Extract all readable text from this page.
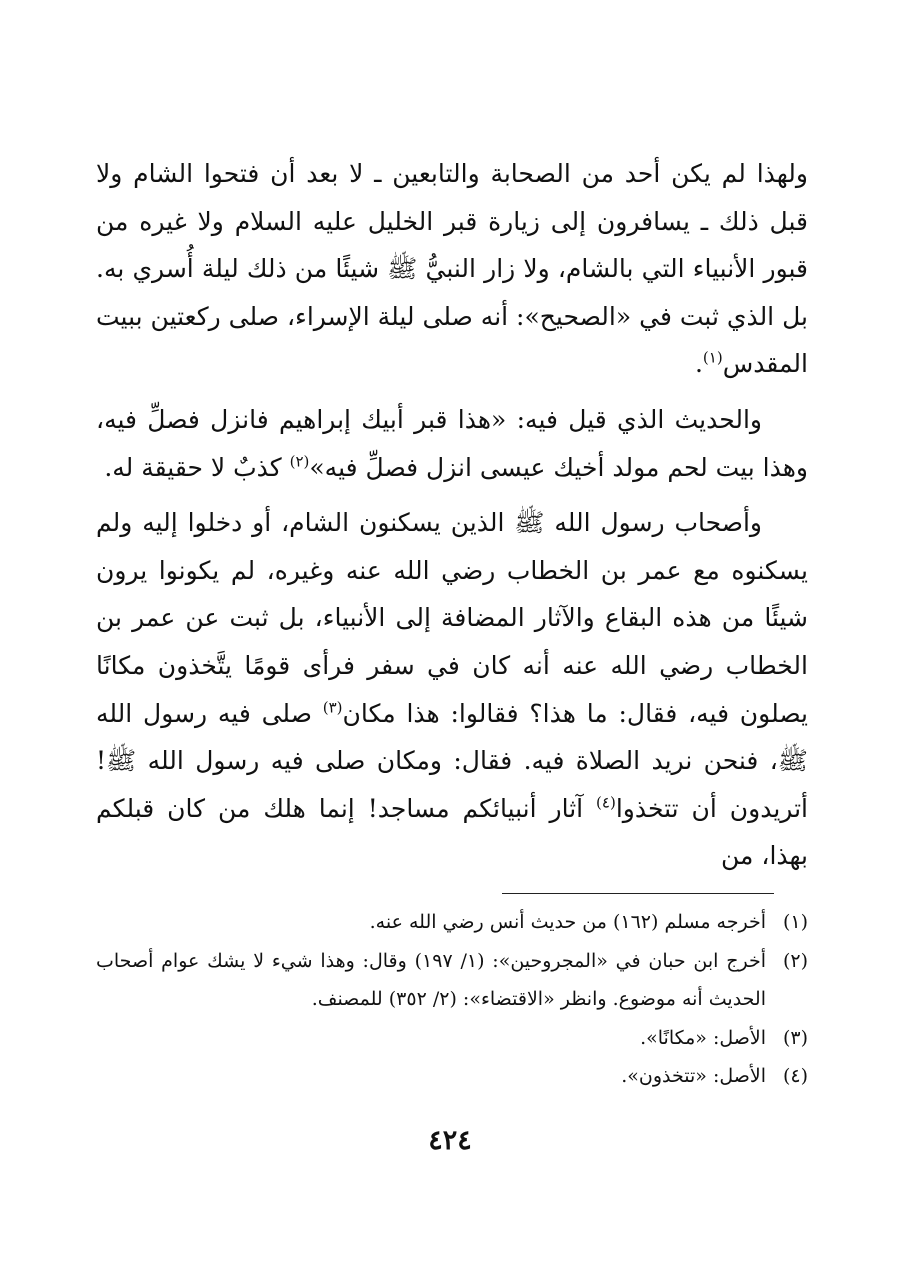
ولهذا لم يكن أحد من الصحابة والتابعين ـ لا بعد أن فتحوا الشام ولا قبل ذلك ـ يسافرون إلى زيارة قبر الخليل عليه السلام ولا غيره من قبور الأنبياء التي بالشام، ولا زار النبيُّ ﷺ شيئًا من ذلك ليلة أُسري به. بل الذي ثبت في «الصحيح»: أنه صلى ليلة الإسراء، صلى ركعتين ببيت المقدس$^{(١)}$.

والحديث الذي قيل فيه: «هذا قبر أبيك إبراهيم فانزل فصلِّ فيه، وهذا بيت لحم مولد أخيك عيسى انزل فصلِّ فيه»$^{(٢)}$ كذبٌ لا حقيقة له.

وأصحاب رسول الله ﷺ الذين يسكنون الشام، أو دخلوا إليه ولم يسكنوه مع عمر بن الخطاب رضي الله عنه وغيره، لم يكونوا يرون شيئًا من هذه البقاع والآثار المضافة إلى الأنبياء، بل ثبت عن عمر بن الخطاب رضي الله عنه أنه كان في سفر فرأى قومًا يتَّخذون مكانًا يصلون فيه، فقال: ما هذا؟ فقالوا: هذا مكان$^{(٣)}$ صلى فيه رسول الله ﷺ، فنحن نريد الصلاة فيه. فقال: ومكان صلى فيه رسول الله ﷺ! أتريدون أن تتخذوا$^{(٤)}$ آثار أنبيائكم مساجد! إنما هلك من كان قبلكم بهذا، من

(١)
أخرجه مسلم (١٦٢) من حديث أنس رضي الله عنه.
(٢)
أخرج ابن حبان في «المجروحين»: (١/ ١٩٧) وقال: وهذا شيء لا يشك عوام أصحاب الحديث أنه موضوع. وانظر «الاقتضاء»: (٢/ ٣٥٢) للمصنف.
(٣)
الأصل: «مكانًا».
(٤)
الأصل: «تتخذون».
٤٢٤
